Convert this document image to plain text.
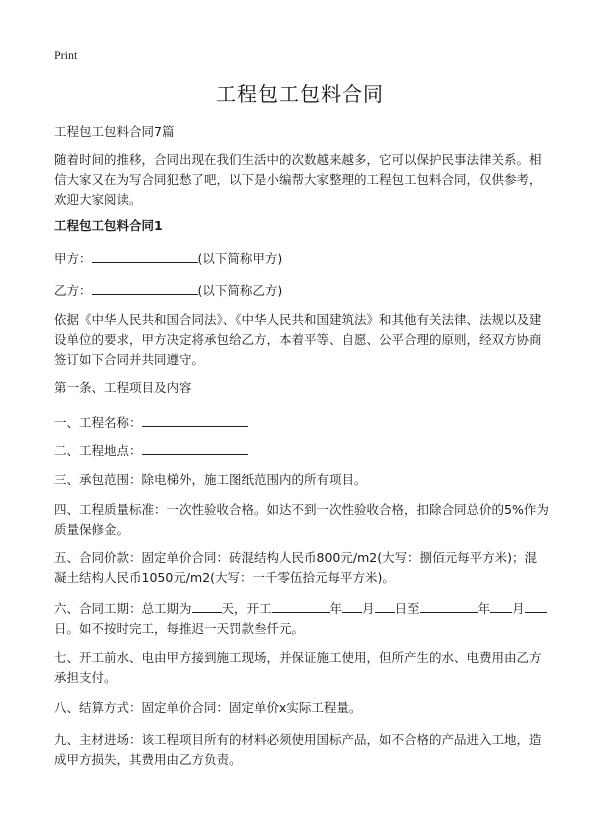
Print
工程包工包料合同
工程包工包料合同7篇
随着时间的推移，合同出现在我们生活中的次数越来越多，它可以保护民事法律关系。相信大家又在为写合同犯愁了吧，以下是小编帮大家整理的工程包工包料合同，仅供参考，欢迎大家阅读。
工程包工包料合同1
甲方：	(以下简称甲方)
乙方：	(以下简称乙方)
依据《中华人民共和国合同法》、《中华人民共和国建筑法》和其他有关法律、法规以及建设单位的要求，甲方决定将承包给乙方，本着平等、自愿、公平合理的原则，经双方协商签订如下合同并共同遵守。
第一条、工程项目及内容
一、工程名称：
二、工程地点：
三、承包范围：除电梯外，施工图纸范围内的所有项目。
四、工程质量标准：一次性验收合格。如达不到一次性验收合格，扣除合同总价的5%作为质量保修金。
五、合同价款：固定单价合同：砖混结构人民币800元/m2(大写：捌佰元每平方米)；混凝土结构人民币1050元/m2(大写：一千零伍拾元每平方米)。
六、合同工期：总工期为 天，开工	年 月 日至	年 月日。如不按时完工，每推迟一天罚款叁仟元。
七、开工前水、电由甲方接到施工现场，并保证施工使用，但所产生的水、电费用由乙方承担支付。
八、结算方式：固定单价合同：固定单价x实际工程量。
九、主材进场：该工程项目所有的材料必须使用国标产品，如不合格的产品进入工地，造成甲方损失，其费用由乙方负责。
